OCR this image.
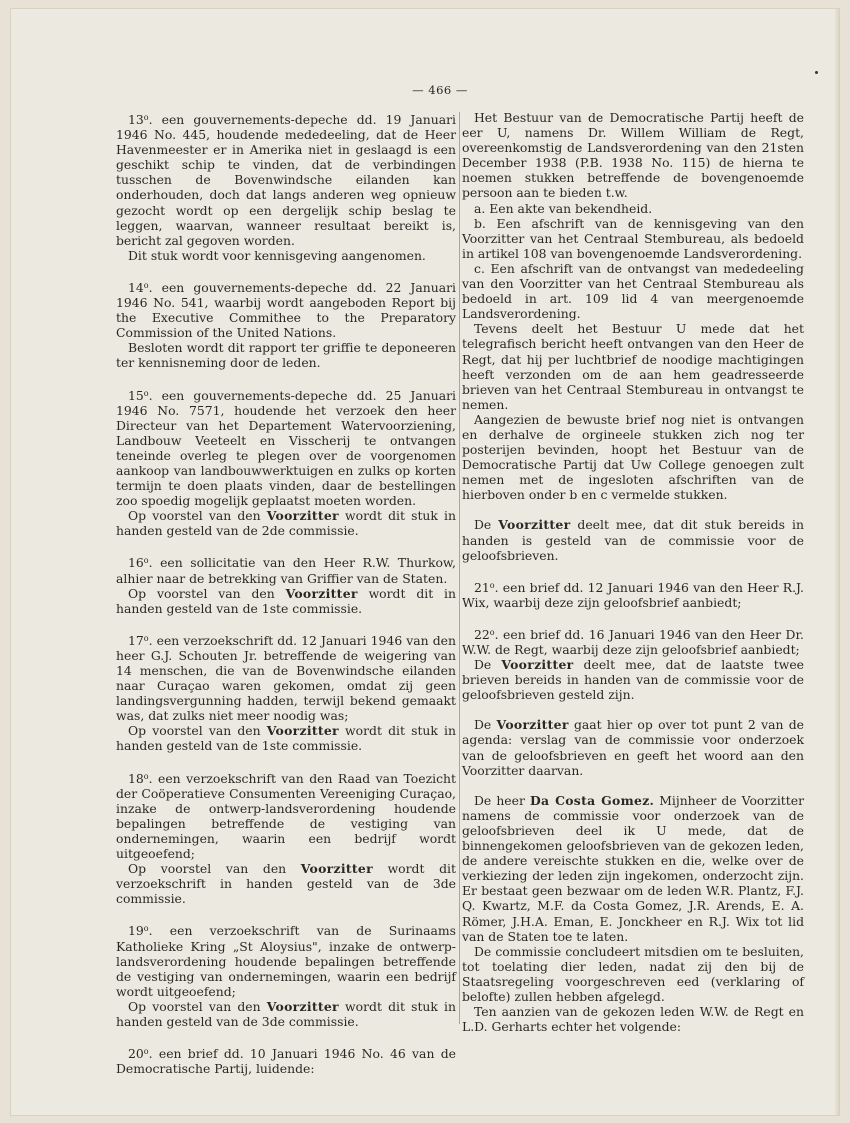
— 466 —

13$^o$. een gouvernements-depeche dd. 19 Januari 1946 No. 445, houdende mededeeling, dat de Heer Havenmeester er in Amerika niet in geslaagd is een geschikt schip te vinden, dat de verbindingen tusschen de Bovenwindsche eilanden kan onderhouden, doch dat langs anderen weg opnieuw gezocht wordt op een dergelijk schip beslag te leggen, waarvan, wanneer resultaat bereikt is, bericht zal gegoven worden.

Dit stuk wordt voor kennisgeving aangenomen.

14$^o$. een gouvernements-depeche dd. 22 Januari 1946 No. 541, waarbij wordt aangeboden Report bij the Executive Commithee to the Preparatory Commission of the United Nations.

Besloten wordt dit rapport ter griffie te deponeeren ter kennisneming door de leden.

15$^o$. een gouvernements-depeche dd. 25 Januari 1946 No. 7571, houdende het verzoek den heer Directeur van het Departement Watervoorziening, Landbouw Veeteelt en Visscherij te ontvangen teneinde overleg te plegen over de voorgenomen aankoop van landbouwwerktuigen en zulks op korten termijn te doen plaats vinden, daar de bestellingen zoo spoedig mogelijk geplaatst moeten worden.

Op voorstel van den Voorzitter wordt dit stuk in handen gesteld van de 2de commissie.

16$^o$. een sollicitatie van den Heer R.W. Thurkow, alhier naar de betrekking van Griffier van de Staten.

Op voorstel van den Voorzitter wordt dit in handen gesteld van de 1ste commissie.

17$^o$. een verzoekschrift dd. 12 Januari 1946 van den heer G.J. Schouten Jr. betreffende de weigering van 14 menschen, die van de Bovenwindsche eilanden naar Curaçao waren gekomen, omdat zij geen landingsvergunning hadden, terwijl bekend gemaakt was, dat zulks niet meer noodig was;

Op voorstel van den Voorzitter wordt dit stuk in handen gesteld van de 1ste commissie.

18$^o$. een verzoekschrift van den Raad van Toezicht der Coöperatieve Consumenten Vereeniging Curaçao, inzake de ontwerp-landsverordening houdende bepalingen betreffende de vestiging van ondernemingen, waarin een bedrijf wordt uitgeoefend;

Op voorstel van den Voorzitter wordt dit verzoekschrift in handen gesteld van de 3de commissie.

19$^o$. een verzoekschrift van de Surinaams Katholieke Kring „St Aloysius", inzake de ontwerp-landsverordening houdende bepalingen betreffende de vestiging van ondernemingen, waarin een bedrijf wordt uitgeoefend;

Op voorstel van den Voorzitter wordt dit stuk in handen gesteld van de 3de commissie.

20$^o$. een brief dd. 10 Januari 1946 No. 46 van de Democratische Partij, luidende:

Het Bestuur van de Democratische Partij heeft de eer U, namens Dr. Willem William de Regt, overeenkomstig de Landsverordening van den 21sten December 1938 (P.B. 1938 No. 115) de hierna te noemen stukken betreffende de bovengenoemde persoon aan te bieden t.w.

a. Een akte van bekendheid.

b. Een afschrift van de kennisgeving van den Voorzitter van het Centraal Stembureau, als bedoeld in artikel 108 van bovengenoemde Landsverordening.

c. Een afschrift van de ontvangst van mededeeling van den Voorzitter van het Centraal Stembureau als bedoeld in art. 109 lid 4 van meergenoemde Landsverordening.

Tevens deelt het Bestuur U mede dat het telegrafisch bericht heeft ontvangen van den Heer de Regt, dat hij per luchtbrief de noodige machtigingen heeft verzonden om de aan hem geadresseerde brieven van het Centraal Stembureau in ontvangst te nemen.

Aangezien de bewuste brief nog niet is ontvangen en derhalve de orgineele stukken zich nog ter posterijen bevinden, hoopt het Bestuur van de Democratische Partij dat Uw College genoegen zult nemen met de ingesloten afschriften van de hierboven onder b en c vermelde stukken.

De Voorzitter deelt mee, dat dit stuk bereids in handen is gesteld van de commissie voor de geloofsbrieven.

21$^o$. een brief dd. 12 Januari 1946 van den Heer R.J. Wix, waarbij deze zijn geloofsbrief aanbiedt;

22$^o$. een brief dd. 16 Januari 1946 van den Heer Dr. W.W. de Regt, waarbij deze zijn geloofsbrief aanbiedt;

De Voorzitter deelt mee, dat de laatste twee brieven bereids in handen van de commissie voor de geloofsbrieven gesteld zijn.

De Voorzitter gaat hier op over tot punt 2 van de agenda: verslag van de commissie voor onderzoek van de geloofsbrieven en geeft het woord aan den Voorzitter daarvan.

De heer Da Costa Gomez. Mijnheer de Voorzitter namens de commissie voor onderzoek van de geloofsbrieven deel ik U mede, dat de binnengekomen geloofsbrieven van de gekozen leden, de andere vereischte stukken en die, welke over de verkiezing der leden zijn ingekomen, onderzocht zijn. Er bestaat geen bezwaar om de leden W.R. Plantz, F.J. Q. Kwartz, M.F. da Costa Gomez, J.R. Arends, E. A. Römer, J.H.A. Eman, E. Jonckheer en R.J. Wix tot lid van de Staten toe te laten.

De commissie concludeert mitsdien om te besluiten, tot toelating dier leden, nadat zij den bij de Staatsregeling voorgeschreven eed (verklaring of belofte) zullen hebben afgelegd.

Ten aanzien van de gekozen leden W.W. de Regt en L.D. Gerharts echter het volgende:
